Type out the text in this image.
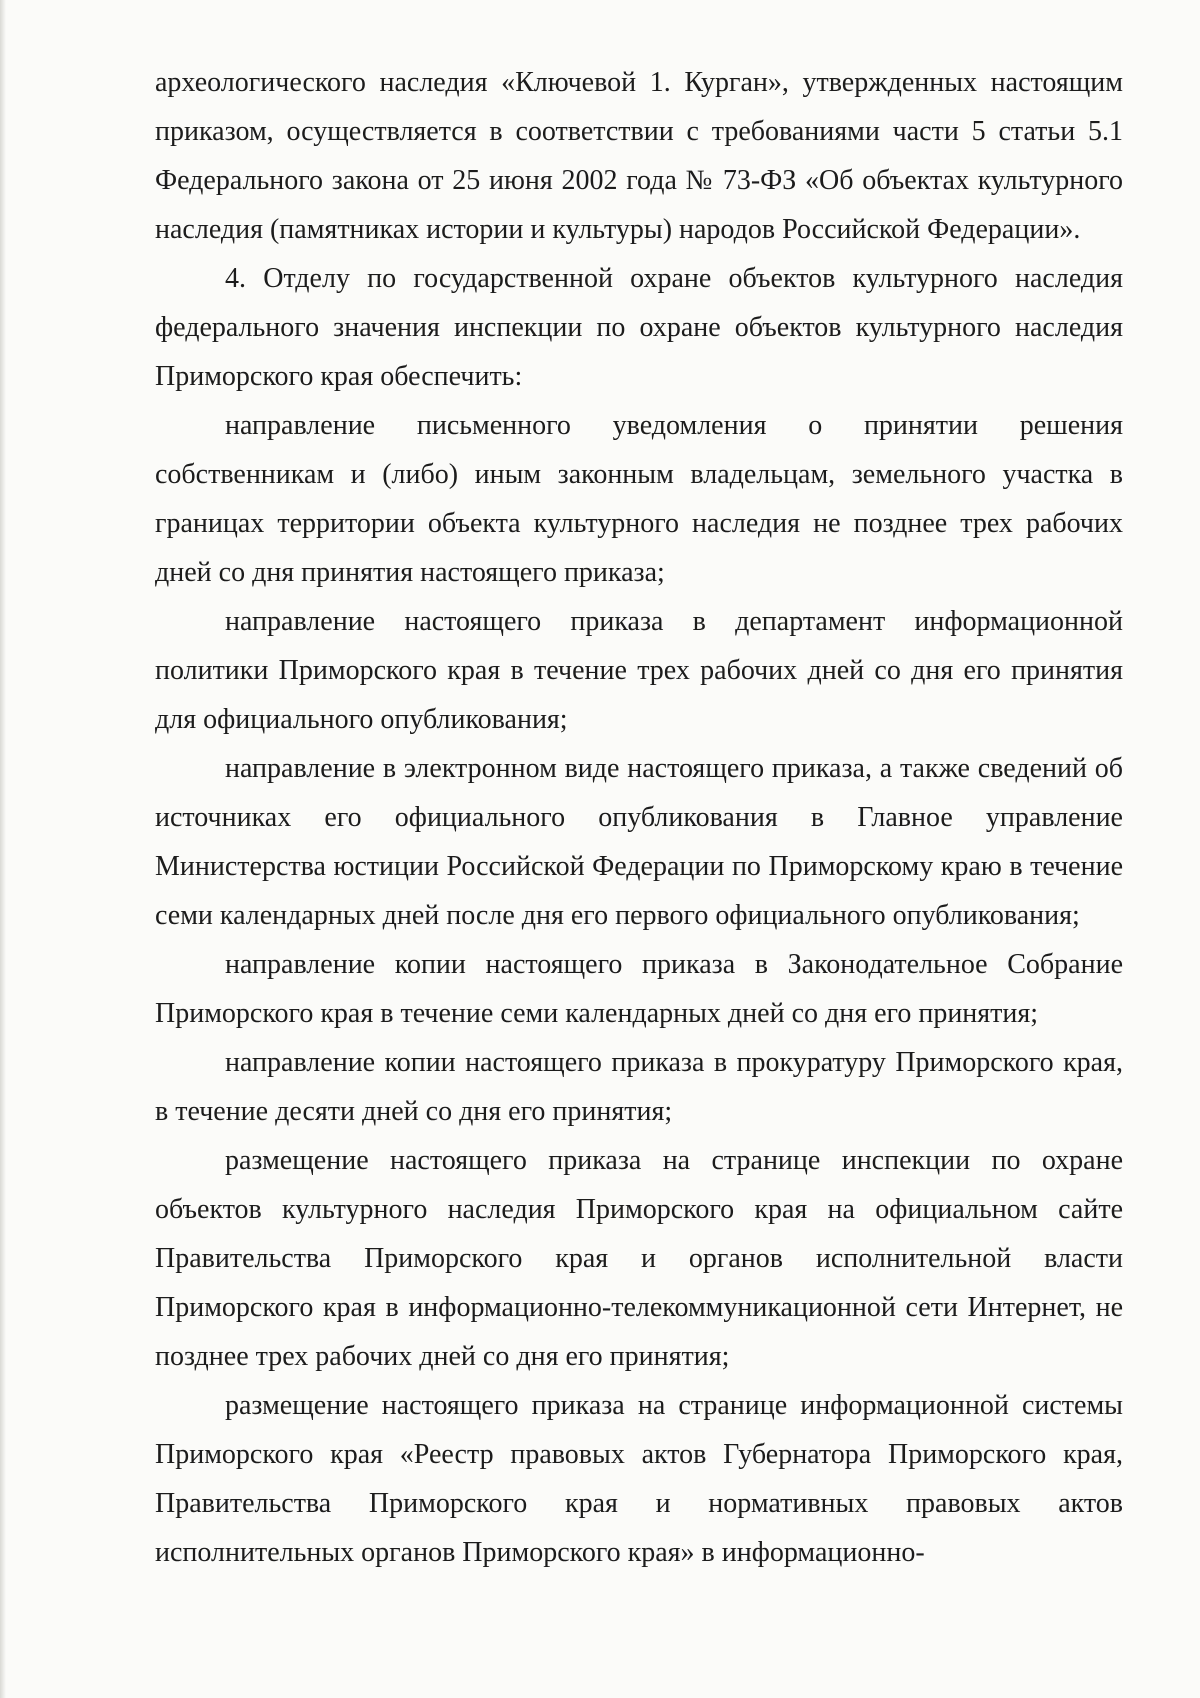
археологического наследия «Ключевой 1. Курган», утвержденных настоящим приказом, осуществляется в соответствии с требованиями части 5 статьи 5.1 Федерального закона от 25 июня 2002 года № 73-ФЗ «Об объектах культурного наследия (памятниках истории и культуры) народов Российской Федерации».

4. Отделу по государственной охране объектов культурного наследия федерального значения инспекции по охране объектов культурного наследия Приморского края обеспечить:

направление письменного уведомления о принятии решения собственникам и (либо) иным законным владельцам, земельного участка в границах территории объекта культурного наследия не позднее трех рабочих дней со дня принятия настоящего приказа;

направление настоящего приказа в департамент информационной политики Приморского края в течение трех рабочих дней со дня его принятия для официального опубликования;

направление в электронном виде настоящего приказа, а также сведений об источниках его официального опубликования в Главное управление Министерства юстиции Российской Федерации по Приморскому краю в течение семи календарных дней после дня его первого официального опубликования;

направление копии настоящего приказа в Законодательное Собрание Приморского края в течение семи календарных дней со дня его принятия;

направление копии настоящего приказа в прокуратуру Приморского края, в течение десяти дней со дня его принятия;

размещение настоящего приказа на странице инспекции по охране объектов культурного наследия Приморского края на официальном сайте Правительства Приморского края и органов исполнительной власти Приморского края в информационно-телекоммуникационной сети Интернет, не позднее трех рабочих дней со дня его принятия;

размещение настоящего приказа на странице информационной системы Приморского края «Реестр правовых актов Губернатора Приморского края, Правительства Приморского края и нормативных правовых актов исполнительных органов Приморского края» в информационно-
